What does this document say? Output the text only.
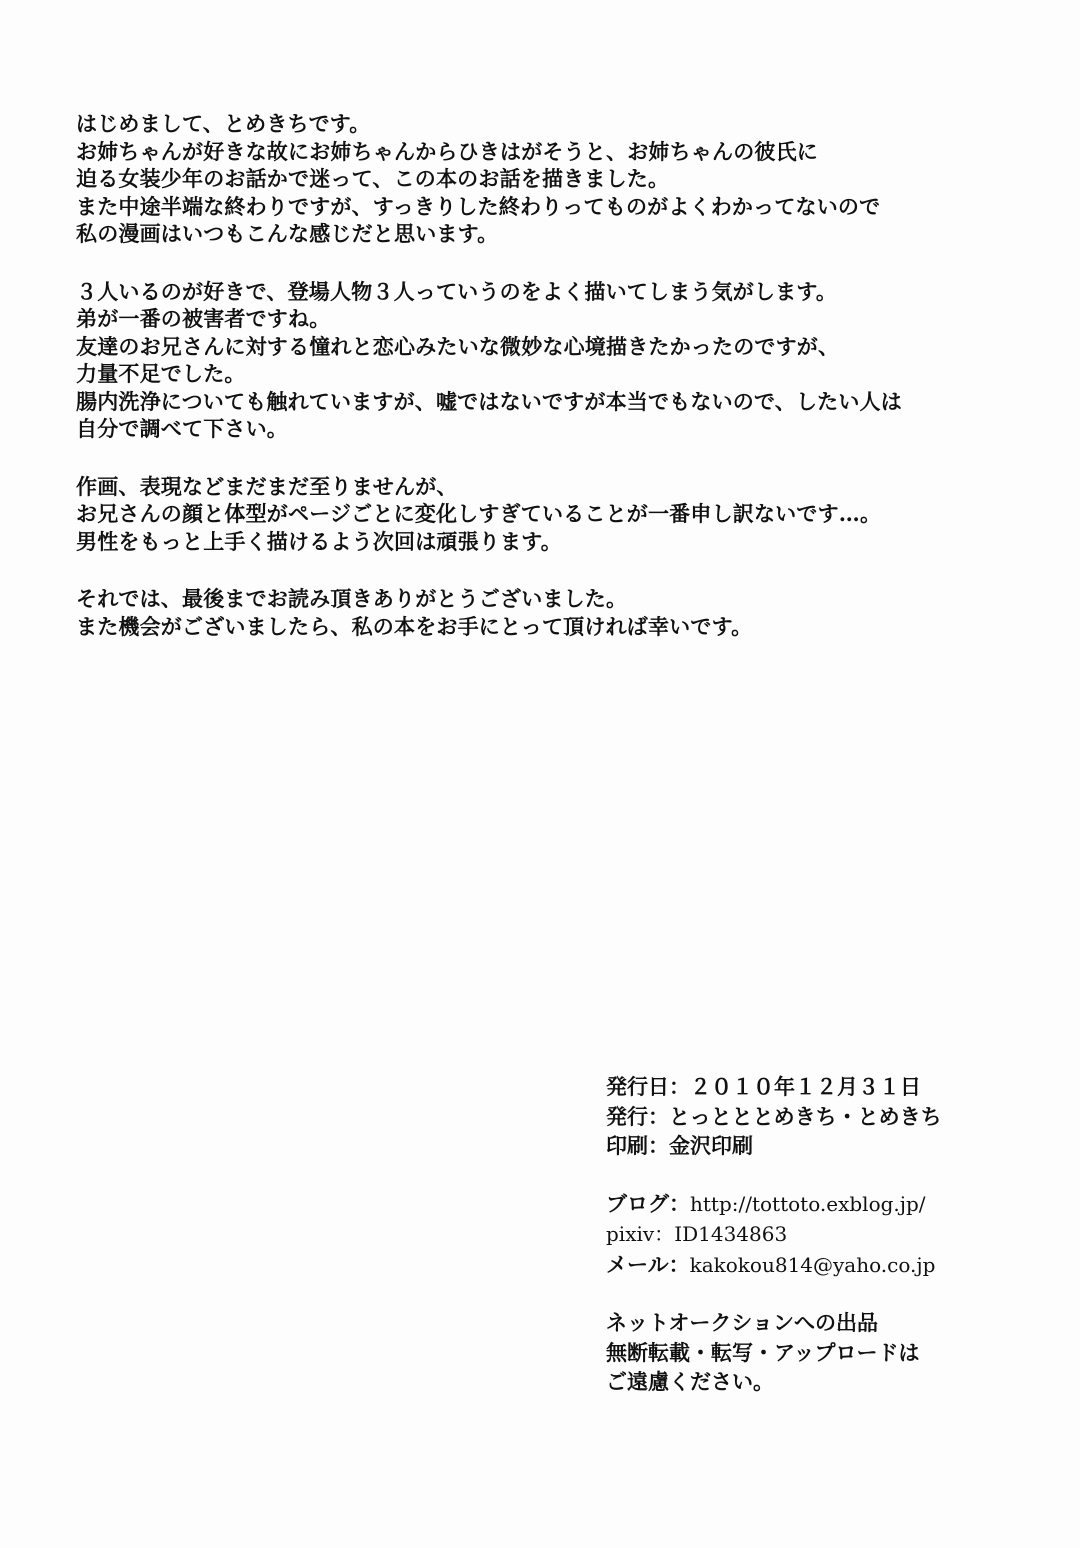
はじめまして、とめきちです。
お姉ちゃんが好きな故にお姉ちゃんからひきはがそうと、お姉ちゃんの彼氏に
迫る女装少年のお話かで迷って、この本のお話を描きました。
また中途半端な終わりですが、すっきりした終わりってものがよくわかってないので
私の漫画はいつもこんな感じだと思います。
３人いるのが好きで、登場人物３人っていうのをよく描いてしまう気がします。
弟が一番の被害者ですね。
友達のお兄さんに対する憧れと恋心みたいな微妙な心境描きたかったのですが、
力量不足でした。
腸内洗浄についても触れていますが、嘘ではないですが本当でもないので、したい人は
自分で調べて下さい。
作画、表現などまだまだ至りませんが、
お兄さんの顔と体型がページごとに変化しすぎていることが一番申し訳ないです…。
男性をもっと上手く描けるよう次回は頑張ります。
それでは、最後までお読み頂きありがとうございました。
また機会がございましたら、私の本をお手にとって頂ければ幸いです。
発行日：２０１０年１２月３１日
発行：とっとととめきち・とめきち
印刷：金沢印刷
ブログ：http://tottoto.exblog.jp/
pixiv：ID1434863
メール：kakokou814@yaho.co.jp
ネットオークションへの出品
無断転載・転写・アップロードは
ご遠慮ください。
